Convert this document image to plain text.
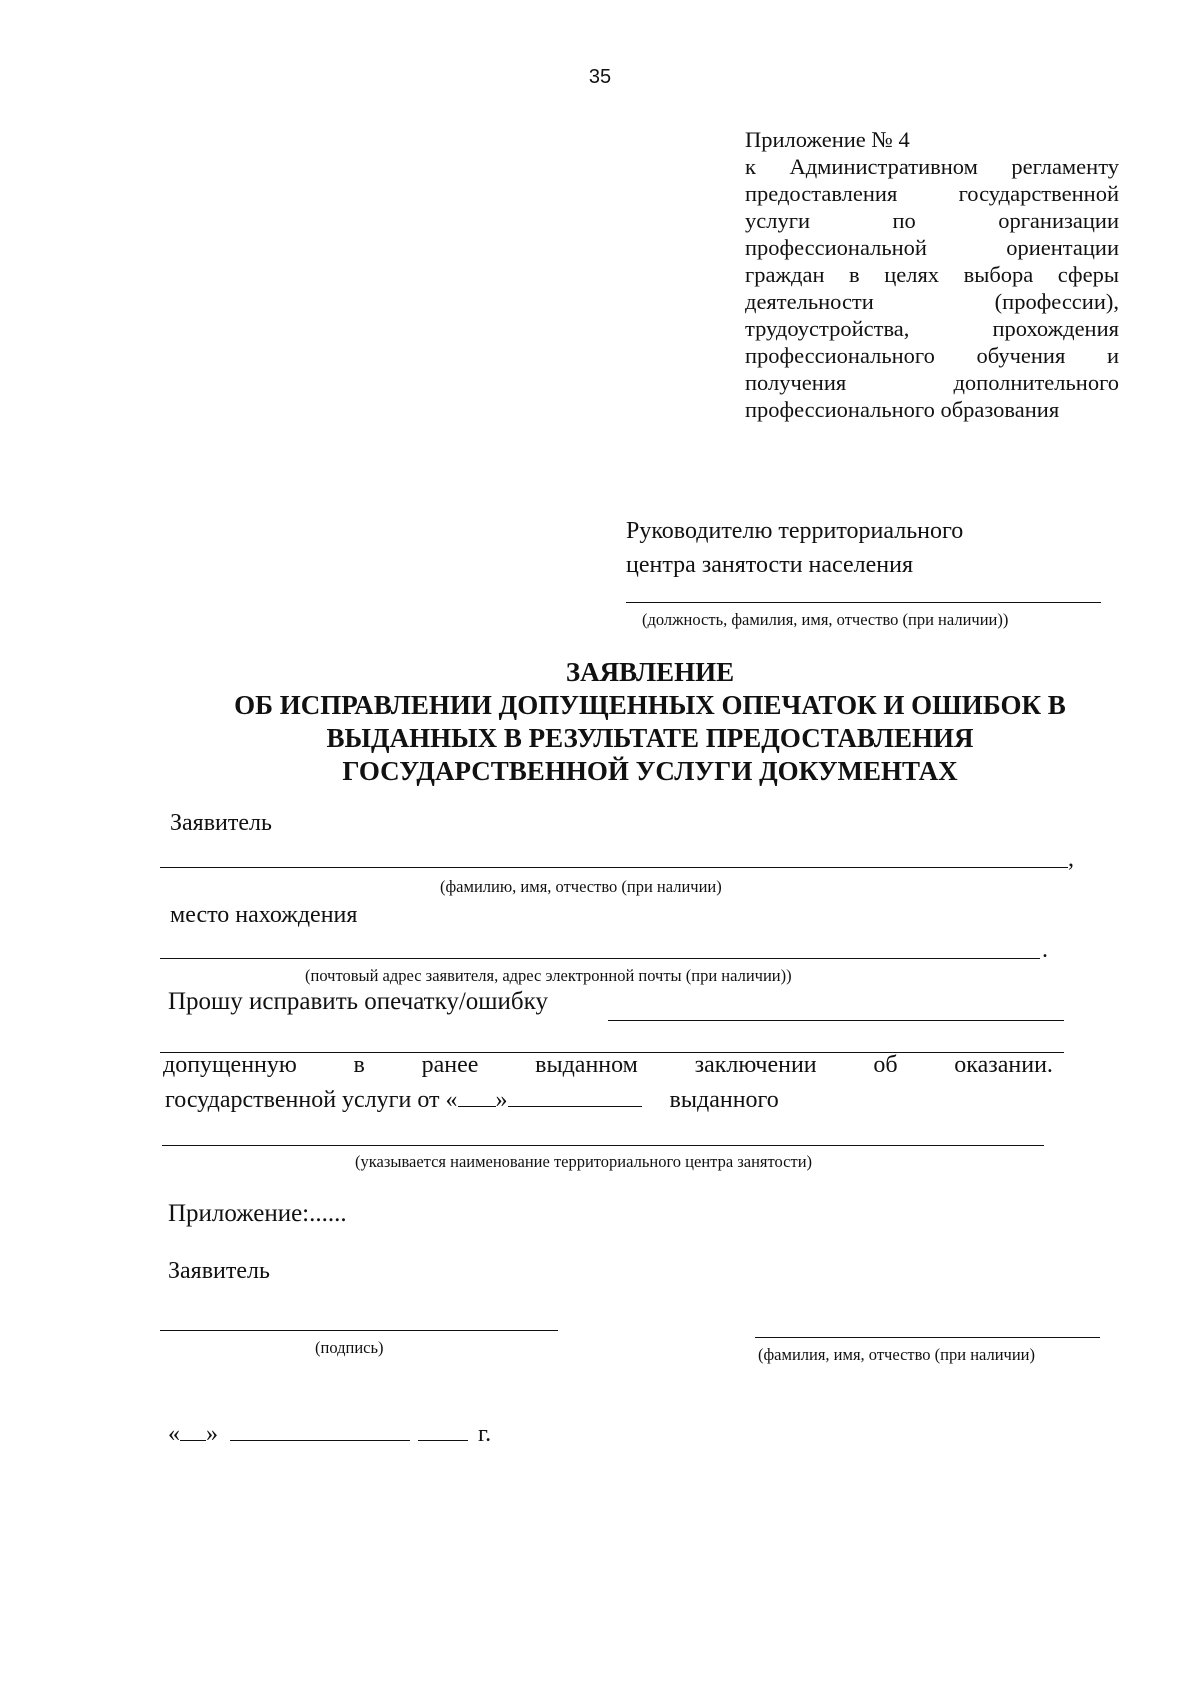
35
Приложение № 4
к Административном регламенту предоставления государственной услуги по организации профессиональной ориентации граждан в целях выбора сферы деятельности (профессии), трудоустройства, прохождения профессионального обучения и получения дополнительного профессионального образования
Руководителю территориального
центра занятости населения
(должность, фамилия, имя, отчество (при наличии))
ЗАЯВЛЕНИЕ
ОБ ИСПРАВЛЕНИИ ДОПУЩЕННЫХ ОПЕЧАТОК И ОШИБОК В
ВЫДАННЫХ В РЕЗУЛЬТАТЕ ПРЕДОСТАВЛЕНИЯ
ГОСУДАРСТВЕННОЙ УСЛУГИ ДОКУМЕНТАХ
Заявитель
,
(фамилию, имя, отчество (при наличии)
место нахождения
.
(почтовый адрес заявителя, адрес электронной почты (при наличии))
Прошу исправить опечатку/ошибку
допущенную в ранее выданном заключении об оказании.
государственной услуги от « »	выданного
(указывается наименование территориального центра занятости)
Приложение:......
Заявитель
(подпись)	(фамилия, имя, отчество (при наличии)
« »	г.
